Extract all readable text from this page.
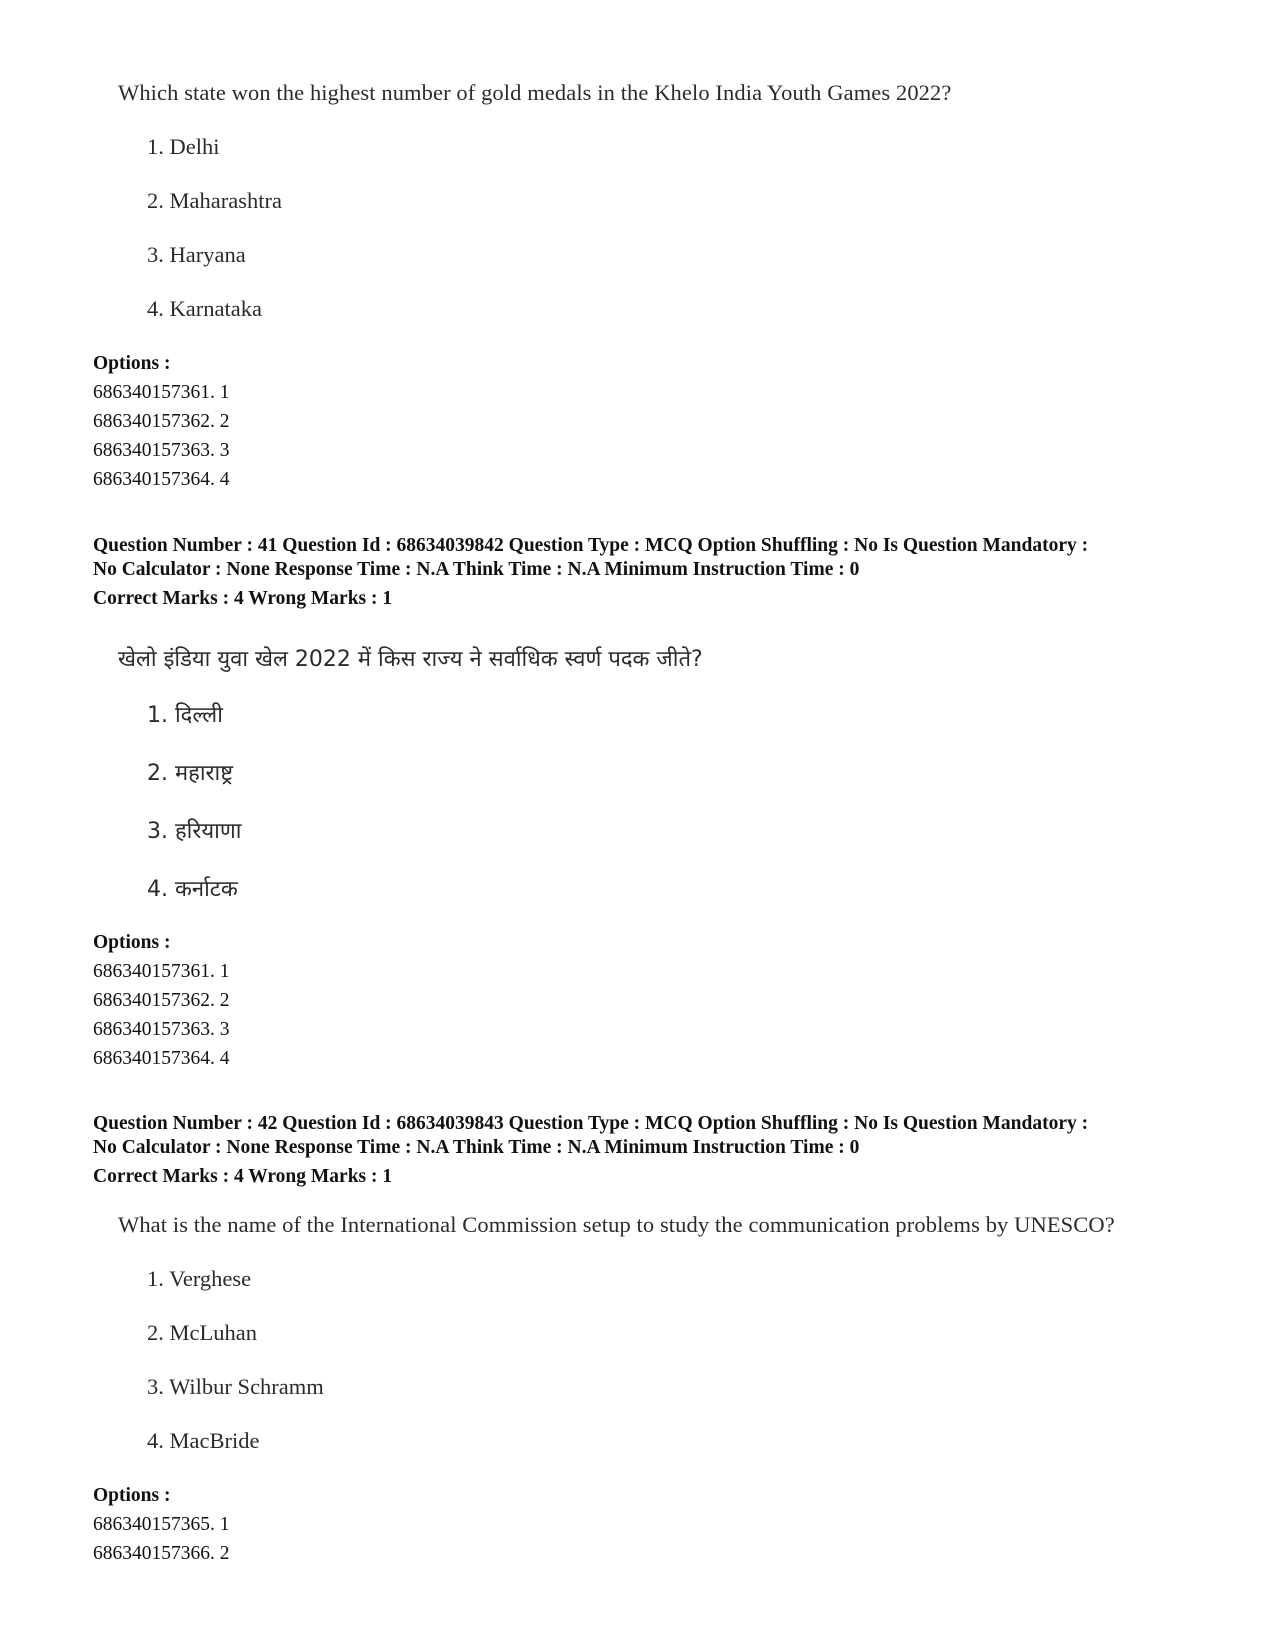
Which state won the highest number of gold medals in the Khelo India Youth Games 2022?
1. Delhi
2. Maharashtra
3. Haryana
4. Karnataka
Options :
686340157361. 1
686340157362. 2
686340157363. 3
686340157364. 4
Question Number : 41 Question Id : 68634039842 Question Type : MCQ Option Shuffling : No Is Question Mandatory :
No Calculator : None Response Time : N.A Think Time : N.A Minimum Instruction Time : 0
Correct Marks : 4 Wrong Marks : 1
खेलो इंडिया युवा खेल 2022 में किस राज्य ने सर्वाधिक स्वर्ण पदक जीते?
1. दिल्ली
2. महाराष्ट्र
3. हरियाणा
4. कर्नाटक
Options :
686340157361. 1
686340157362. 2
686340157363. 3
686340157364. 4
Question Number : 42 Question Id : 68634039843 Question Type : MCQ Option Shuffling : No Is Question Mandatory :
No Calculator : None Response Time : N.A Think Time : N.A Minimum Instruction Time : 0
Correct Marks : 4 Wrong Marks : 1
What is the name of the International Commission setup to study the communication problems by UNESCO?
1. Verghese
2. McLuhan
3. Wilbur Schramm
4. MacBride
Options :
686340157365. 1
686340157366. 2
